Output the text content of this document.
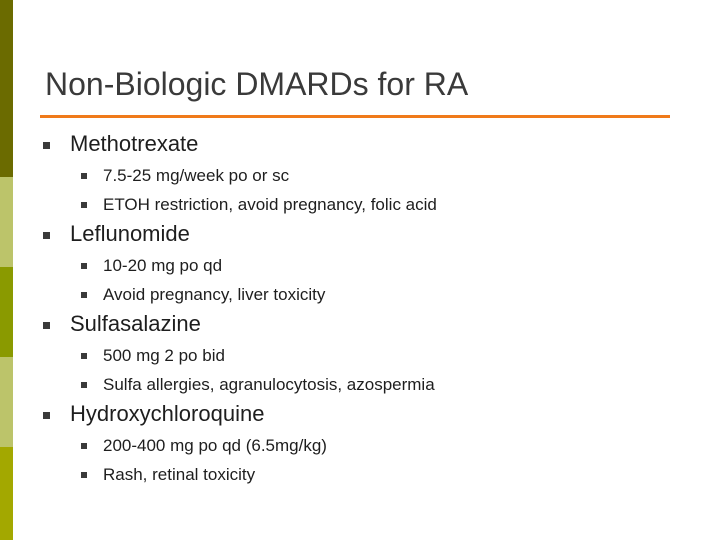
Non-Biologic DMARDs for RA
Methotrexate
7.5-25 mg/week po or sc
ETOH restriction, avoid pregnancy, folic acid
Leflunomide
10-20 mg po qd
Avoid pregnancy, liver toxicity
Sulfasalazine
500 mg 2 po bid
Sulfa allergies, agranulocytosis, azospermia
Hydroxychloroquine
200-400 mg po qd (6.5mg/kg)
Rash, retinal toxicity
